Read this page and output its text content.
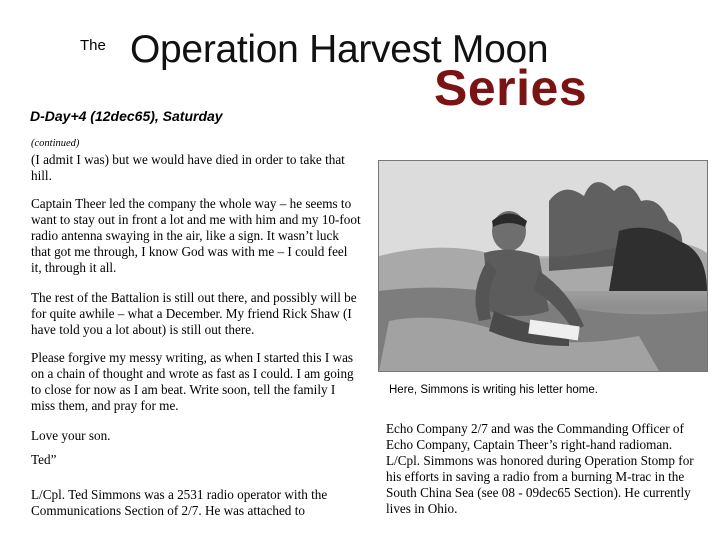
The Operation Harvest Moon
Series
D-Day+4 (12dec65), Saturday
(continued)
(I admit I was) but we would have died in order to take that hill.
Captain Theer led the company the whole way – he seems to want to stay out in front a lot and me with him and my 10-foot radio antenna swaying in the air, like a sign. It wasn’t luck that got me through, I know God was with me – I could feel it, through it all.
The rest of the Battalion is still out there, and possibly will be for quite awhile – what a December. My friend Rick Shaw (I have told you a lot about) is still out there.
Please forgive my messy writing, as when I started this I was on a chain of thought and wrote as fast as I could. I am going to close for now as I am beat. Write soon, tell the family I miss them, and pray for me.
Love your son.
Ted”
L/Cpl. Ted Simmons was a 2531 radio operator with the Communications Section of 2/7. He was attached to
Echo Company 2/7 and was the Commanding Officer of Echo Company, Captain Theer’s right-hand radioman. L/Cpl. Simmons was honored during Operation Stomp for his efforts in saving a radio from a burning M-trac in the South China Sea (see 08 - 09dec65 Section). He currently lives in Ohio.
Here, Simmons is writing his letter home.
